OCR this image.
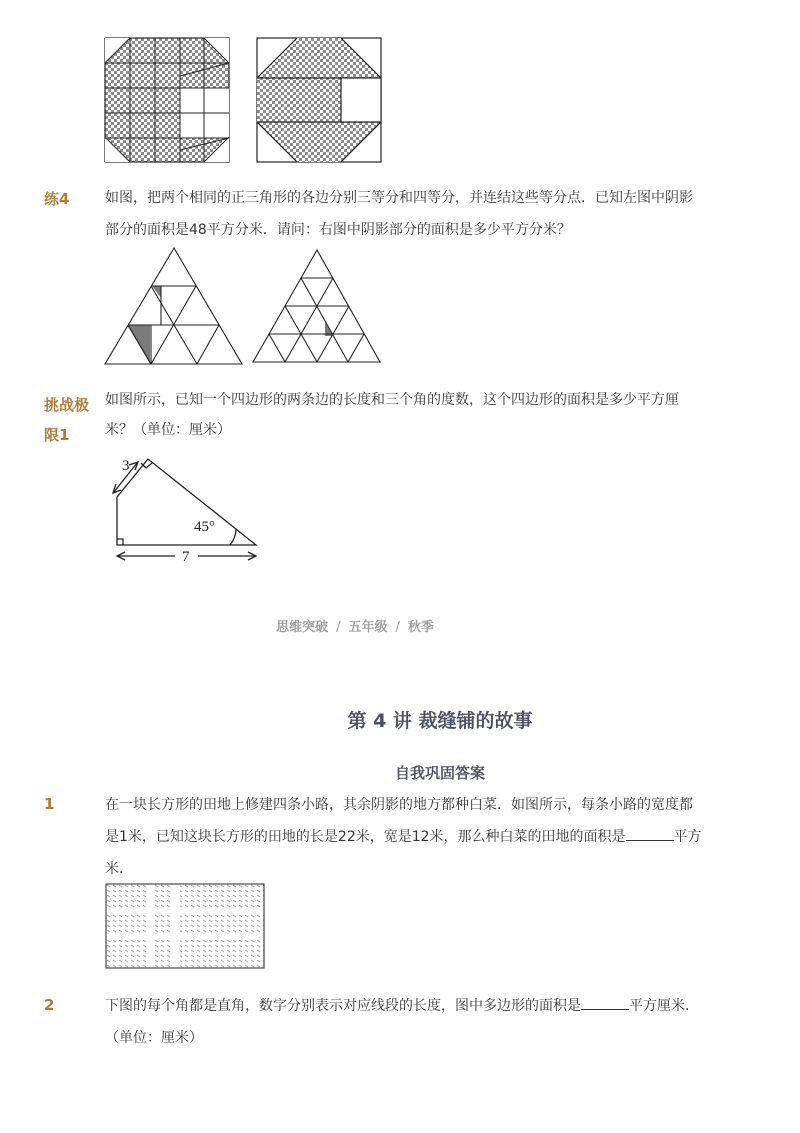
练4	如图，把两个相同的正三角形的各边分别三等分和四等分，并连结这些等分点．已知左图中阴影
部分的面积是48平方分米．请问：右图中阴影部分的面积是多少平方分米？
挑战极
限1
如图所示，已知一个四边形的两条边的长度和三个角的度数，这个四边形的面积是多少平方厘
米？（单位：厘米）
3
45°
7
思维突破 / 五年级 / 秋季
第 4 讲 裁缝铺的故事
自我巩固答案
1	在一块长方形的田地上修建四条小路，其余阴影的地方都种白菜．如图所示，每条小路的宽度都
是1米，已知这块长方形的田地的长是22米，宽是12米，那么种白菜的田地的面积是	平方
米．
2	下图的每个角都是直角，数字分别表示对应线段的长度，图中多边形的面积是	平方厘米．
（单位：厘米）
